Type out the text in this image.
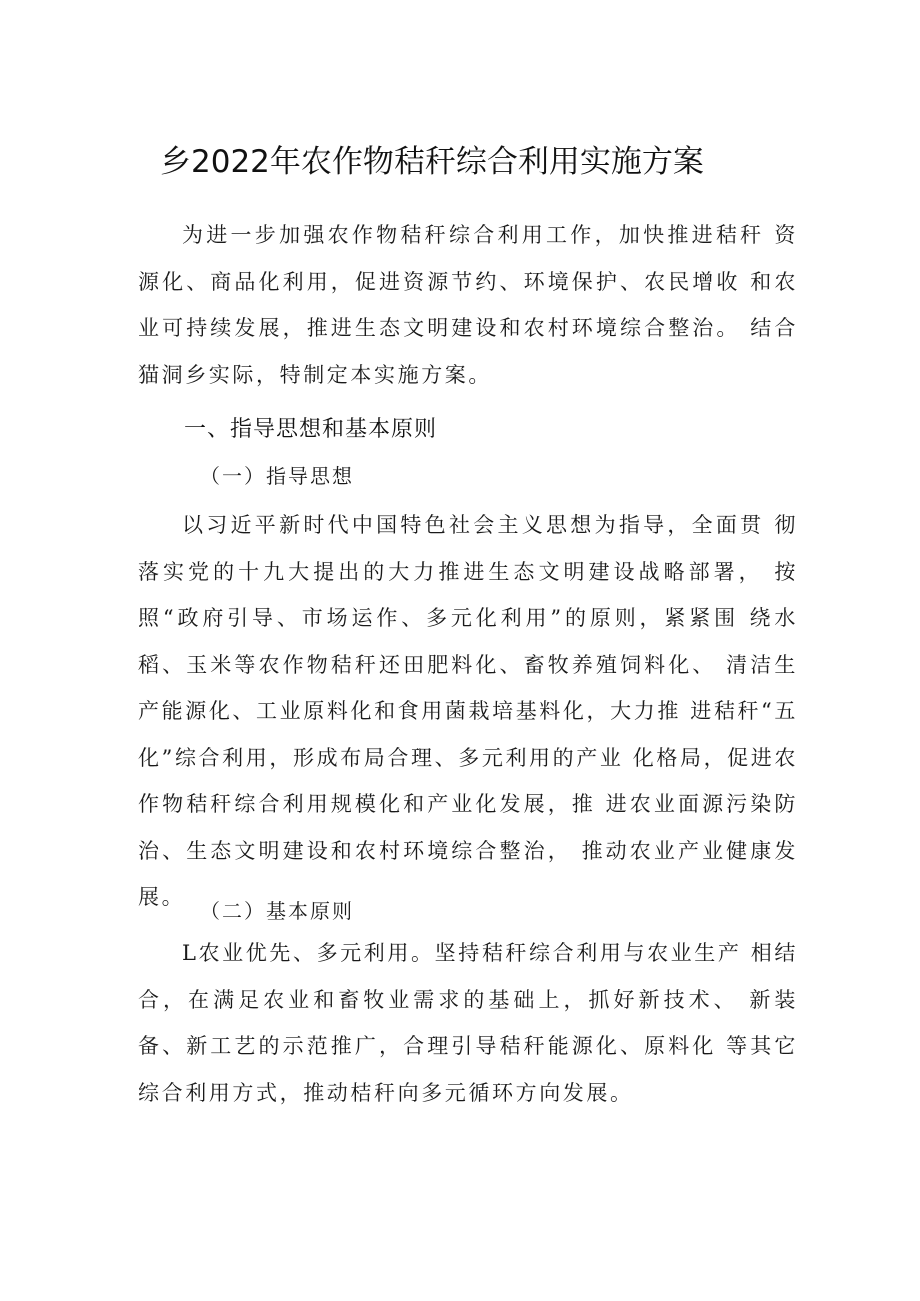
乡2022年农作物秸秆综合利用实施方案
为进一步加强农作物秸秆综合利用工作，加快推进秸秆 资源化、商品化利用，促进资源节约、环境保护、农民增收 和农业可持续发展，推进生态文明建设和农村环境综合整治。 结合猫洞乡实际，特制定本实施方案。
一、指导思想和基本原则
（一）指导思想
以习近平新时代中国特色社会主义思想为指导，全面贯 彻落实党的十九大提出的大力推进生态文明建设战略部署， 按照“政府引导、市场运作、多元化利用”的原则，紧紧围 绕水稻、玉米等农作物秸秆还田肥料化、畜牧养殖饲料化、 清洁生产能源化、工业原料化和食用菌栽培基料化，大力推 进秸秆“五化”综合利用，形成布局合理、多元利用的产业 化格局，促进农作物秸秆综合利用规模化和产业化发展，推 进农业面源污染防治、生态文明建设和农村环境综合整治， 推动农业产业健康发展。
（二）基本原则
L农业优先、多元利用。坚持秸秆综合利用与农业生产 相结合，在满足农业和畜牧业需求的基础上，抓好新技术、 新装备、新工艺的示范推广，合理引导秸秆能源化、原料化 等其它综合利用方式，推动桔秆向多元循环方向发展。
